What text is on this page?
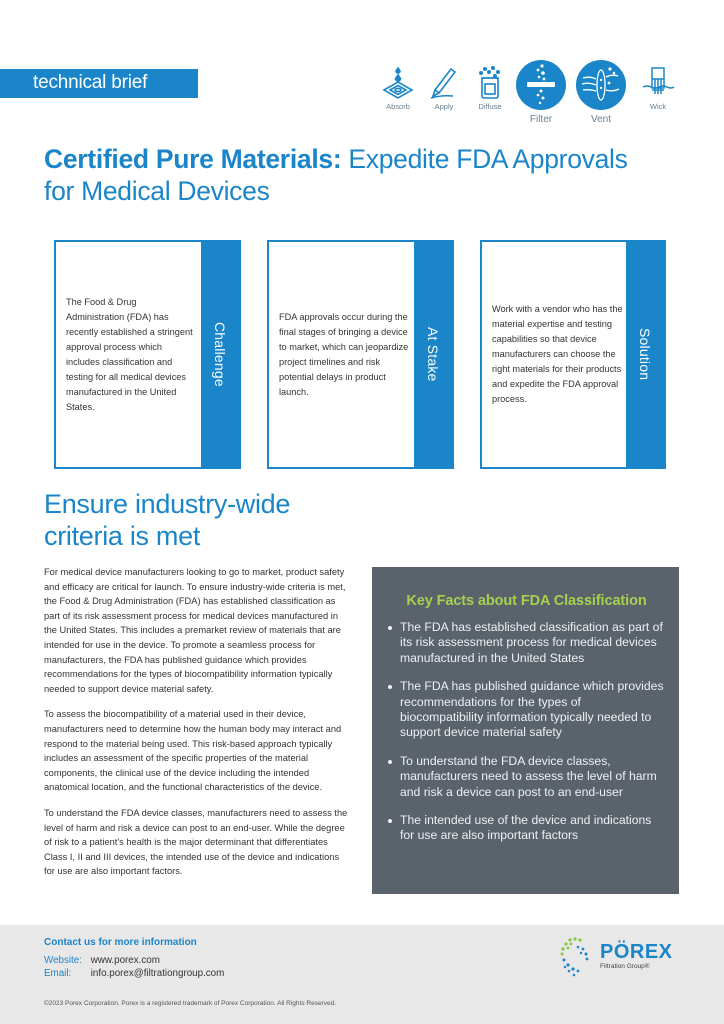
technical brief
Absorb	Apply	Diffuse
Filter	Vent
Wick
Certified Pure Materials: Expedite FDA Approvals for Medical Devices
The Food & Drug Administration (FDA) has recently established a stringent approval process which includes classification and testing for all medical devices manufactured in the United States.
Challenge
FDA approvals occur during the final stages of bringing a device to market, which can jeopardize project timelines and risk potential delays in product launch.
At Stake
Work with a vendor who has the material expertise and testing capabilities so that device manufacturers can choose the right materials for their products and expedite the FDA approval process.
Solution
Ensure industry-wide criteria is met

For medical device manufacturers looking to go to market, product safety and efficacy are critical for launch. To ensure industry-wide criteria is met, the Food & Drug Administration (FDA) has established classification as part of its risk assessment process for medical devices manufactured in the United States. This includes a premarket review of materials that are intended for use in the device. To promote a seamless process for manufacturers, the FDA has published guidance which provides recommendations for the types of biocompatibility information typically needed to support device material safety.

To assess the biocompatibility of a material used in their device, manufacturers need to determine how the human body may interact and respond to the material being used. This risk-based approach typically includes an assessment of the specific properties of the material components, the clinical use of the device including the intended anatomical location, and the functional characteristics of the device.

To understand the FDA device classes, manufacturers need to assess the level of harm and risk a device can post to an end-user. While the degree of risk to a patient's health is the major determinant that differentiates Class I, II and III devices, the intended use of the device and indications for use are also important factors.

Key Facts about FDA Classification
The FDA has established classification as part of its risk assessment process for medical devices manufactured in the United States
The FDA has published guidance which provides recommendations for the types of biocompatibility information typically needed to support device material safety
To understand the FDA device classes, manufacturers need to assess the level of harm and risk a device can post to an end-user
The intended use of the device and indications for use are also important factors
Contact us for more information
Website: www.porex.com
Email: info.porex@filtrationgroup.com
©2023 Porex Corporation. Porex is a registered trademark of Porex Corporation. All Rights Reserved.
PÖREX
Filtration Group®
